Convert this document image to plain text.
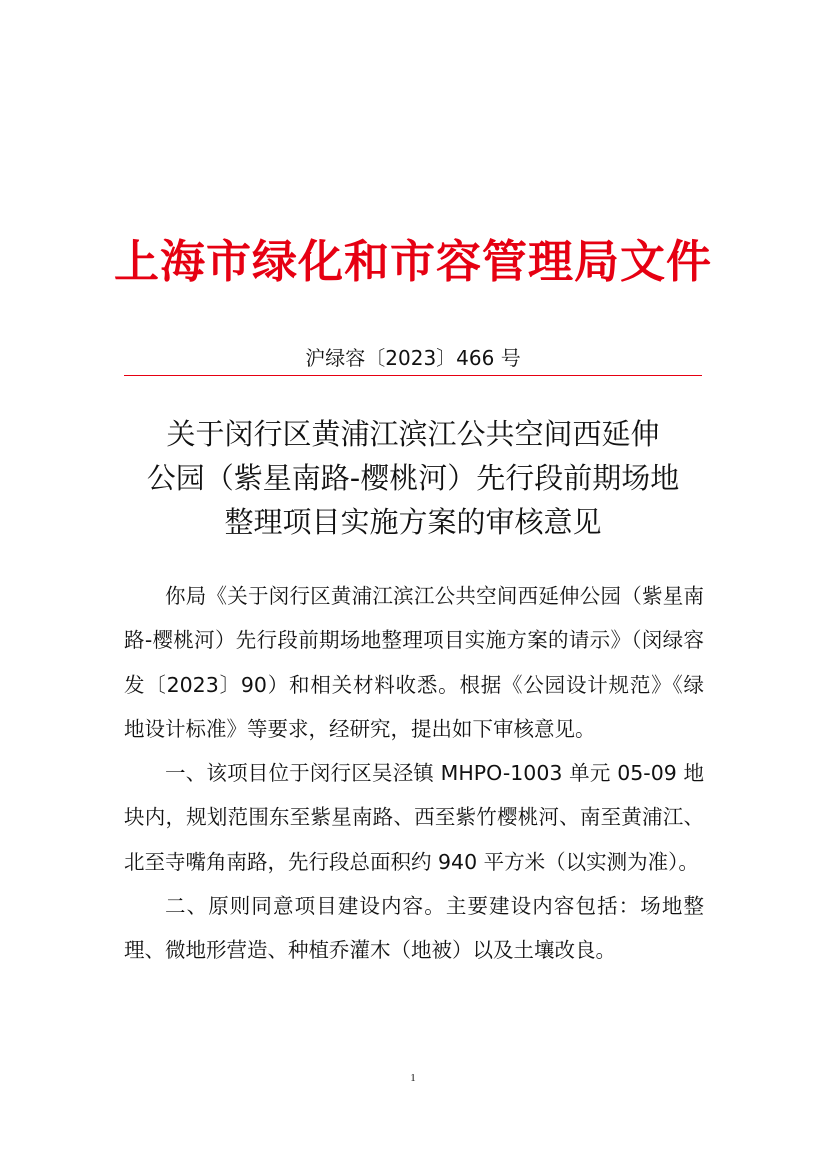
上海市绿化和市容管理局文件
沪绿容〔2023〕466 号
关于闵行区黄浦江滨江公共空间西延伸
公园（紫星南路-樱桃河）先行段前期场地
整理项目实施方案的审核意见

你局《关于闵行区黄浦江滨江公共空间西延伸公园（紫星南路-樱桃河）先行段前期场地整理项目实施方案的请示》（闵绿容发〔2023〕90）和相关材料收悉。根据《公园设计规范》《绿地设计标准》等要求，经研究，提出如下审核意见。

一、该项目位于闵行区吴泾镇 MHPO-1003 单元 05-09 地块内，规划范围东至紫星南路、西至紫竹樱桃河、南至黄浦江、北至寺嘴角南路，先行段总面积约 940 平方米（以实测为准）。

二、原则同意项目建设内容。主要建设内容包括：场地整理、微地形营造、种植乔灌木（地被）以及土壤改良。

1
